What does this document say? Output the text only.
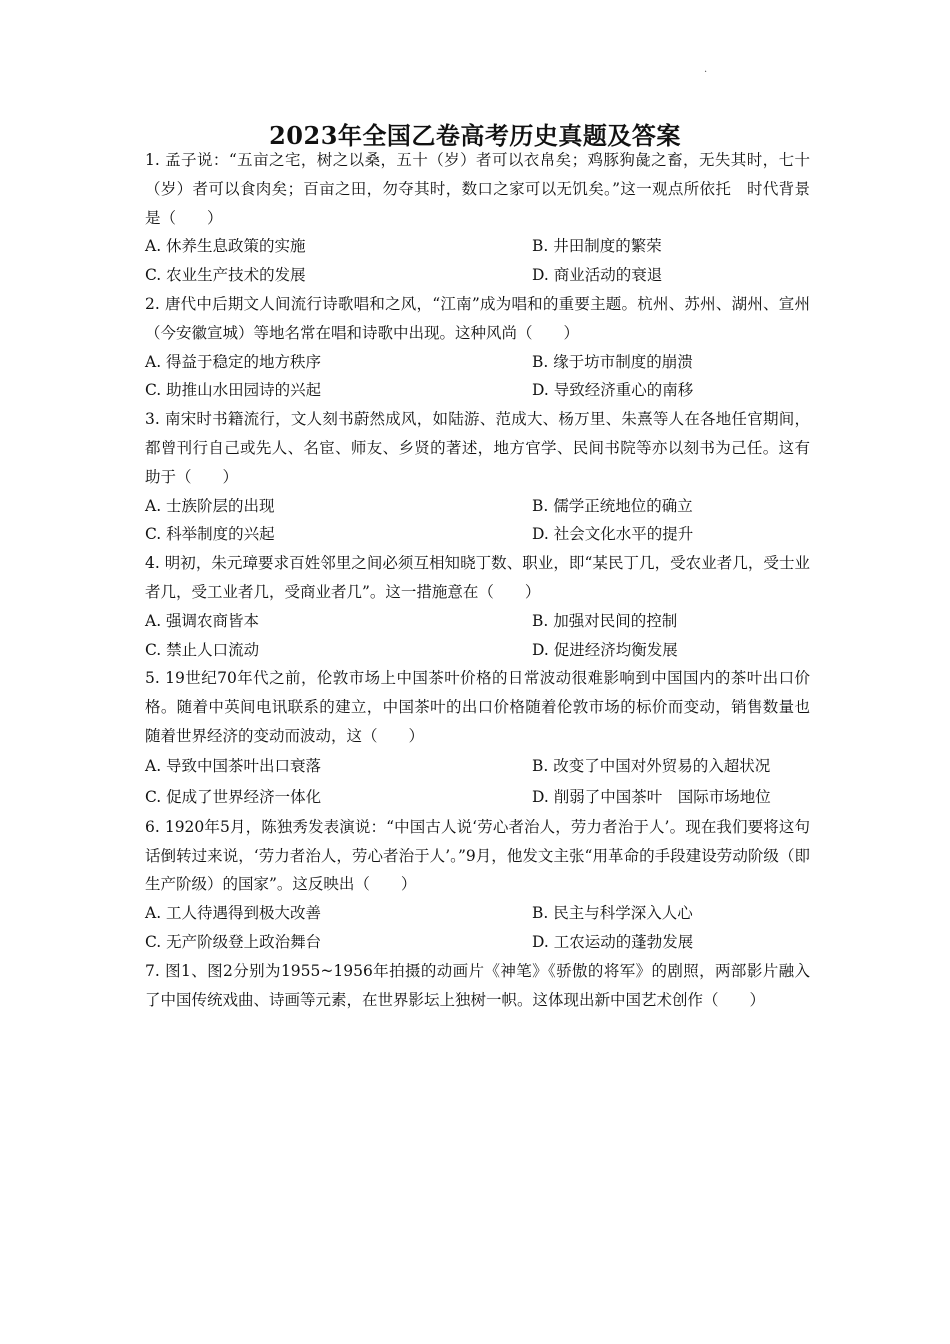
.
2023年全国乙卷高考历史真题及答案

1. 孟子说：“五亩之宅，树之以桑，五十（岁）者可以衣帛矣；鸡豚狗彘之畜，无失其时，七十（岁）者可以食肉矣；百亩之田，勿夺其时，数口之家可以无饥矣。”这一观点所依托　时代背景是（　　）

A. 休养生息政策的实施	B. 井田制度的繁荣
C. 农业生产技术的发展	D. 商业活动的衰退

2. 唐代中后期文人间流行诗歌唱和之风，“江南”成为唱和的重要主题。杭州、苏州、湖州、宣州（今安徽宣城）等地名常在唱和诗歌中出现。这种风尚（　　）

A. 得益于稳定的地方秩序	B. 缘于坊市制度的崩溃
C. 助推山水田园诗的兴起	D. 导致经济重心的南移

3. 南宋时书籍流行，文人刻书蔚然成风，如陆游、范成大、杨万里、朱熹等人在各地任官期间，都曾刊行自己或先人、名宦、师友、乡贤的著述，地方官学、民间书院等亦以刻书为己任。这有助于（　　）

A. 士族阶层的出现	B. 儒学正统地位的确立
C. 科举制度的兴起	D. 社会文化水平的提升

4. 明初，朱元璋要求百姓邻里之间必须互相知晓丁数、职业，即“某民丁几，受农业者几，受士业者几，受工业者几，受商业者几”。这一措施意在（　　）

A. 强调农商皆本	B. 加强对民间的控制
C. 禁止人口流动	D. 促进经济均衡发展

5. 19世纪70年代之前，伦敦市场上中国茶叶价格的日常波动很难影响到中国国内的茶叶出口价格。随着中英间电讯联系的建立，中国茶叶的出口价格随着伦敦市场的标价而变动，销售数量也随着世界经济的变动而波动，这（　　）

A. 导致中国茶叶出口衰落	B. 改变了中国对外贸易的入超状况
C. 促成了世界经济一体化	D. 削弱了中国茶叶　国际市场地位

6. 1920年5月，陈独秀发表演说：“中国古人说‘劳心者治人，劳力者治于人’。现在我们要将这句话倒转过来说，‘劳力者治人，劳心者治于人’。”9月，他发文主张“用革命的手段建设劳动阶级（即生产阶级）的国家”。这反映出（　　）

A. 工人待遇得到极大改善	B. 民主与科学深入人心
C. 无产阶级登上政治舞台	D. 工农运动的蓬勃发展

7. 图1、图2分别为1955~1956年拍摄的动画片《神笔》《骄傲的将军》的剧照，两部影片融入了中国传统戏曲、诗画等元素，在世界影坛上独树一帜。这体现出新中国艺术创作（　　）
